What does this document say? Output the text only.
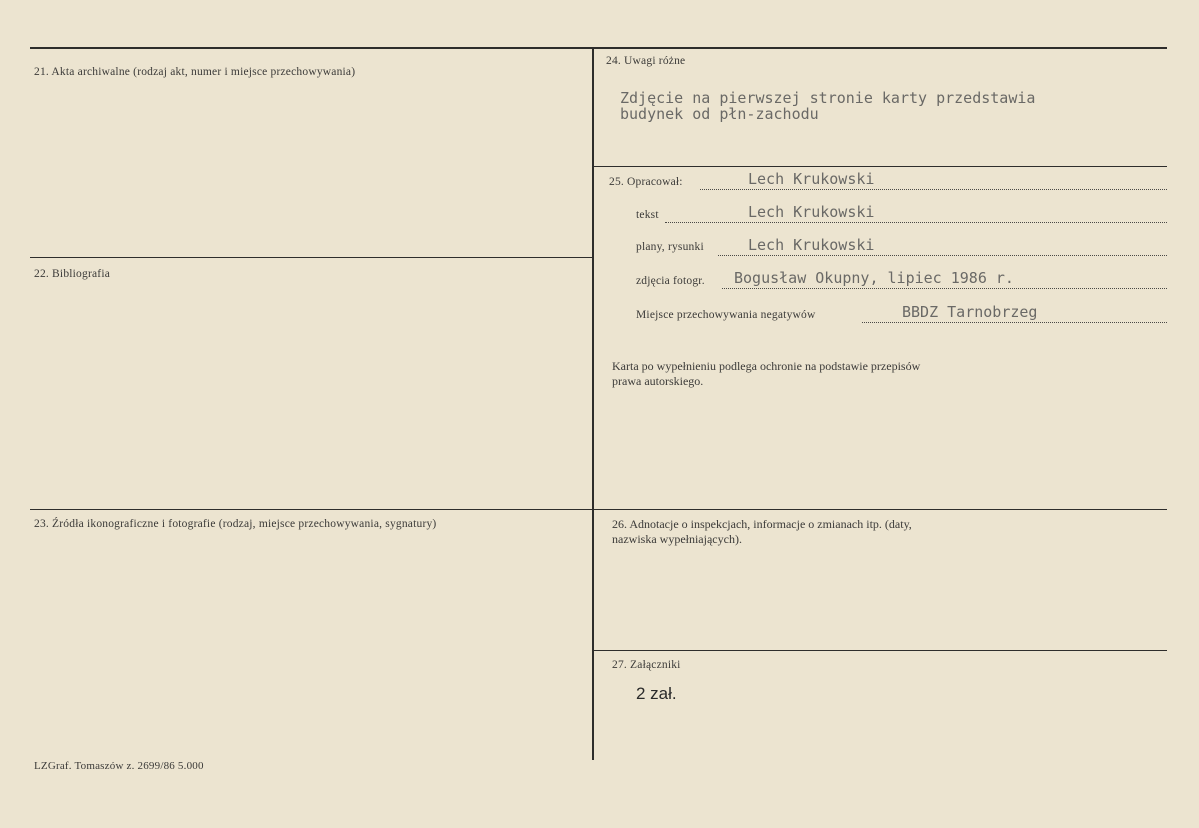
21. Akta archiwalne (rodzaj akt, numer i miejsce przechowywania)
22. Bibliografia
23. Źródła ikonograficzne i fotografie (rodzaj, miejsce przechowywania, sygnatury)
LZGraf. Tomaszów z. 2699/86 5.000
24. Uwagi różne
Zdjęcie na pierwszej stronie karty przedstawia
budynek od płn-zachodu
25. Opracował:	Lech Krukowski
tekst	Lech Krukowski
plany, rysunki	Lech Krukowski
zdjęcia fotogr. Bogusław Okupny, lipiec 1986 r.
Miejsce przechowywania negatywów	BBDZ Tarnobrzeg
Karta po wypełnieniu podlega ochronie na podstawie przepisów
prawa autorskiego.
26. Adnotacje o inspekcjach, informacje o zmianach itp. (daty,
nazwiska wypełniających).
27. Załączniki
2 zał.
